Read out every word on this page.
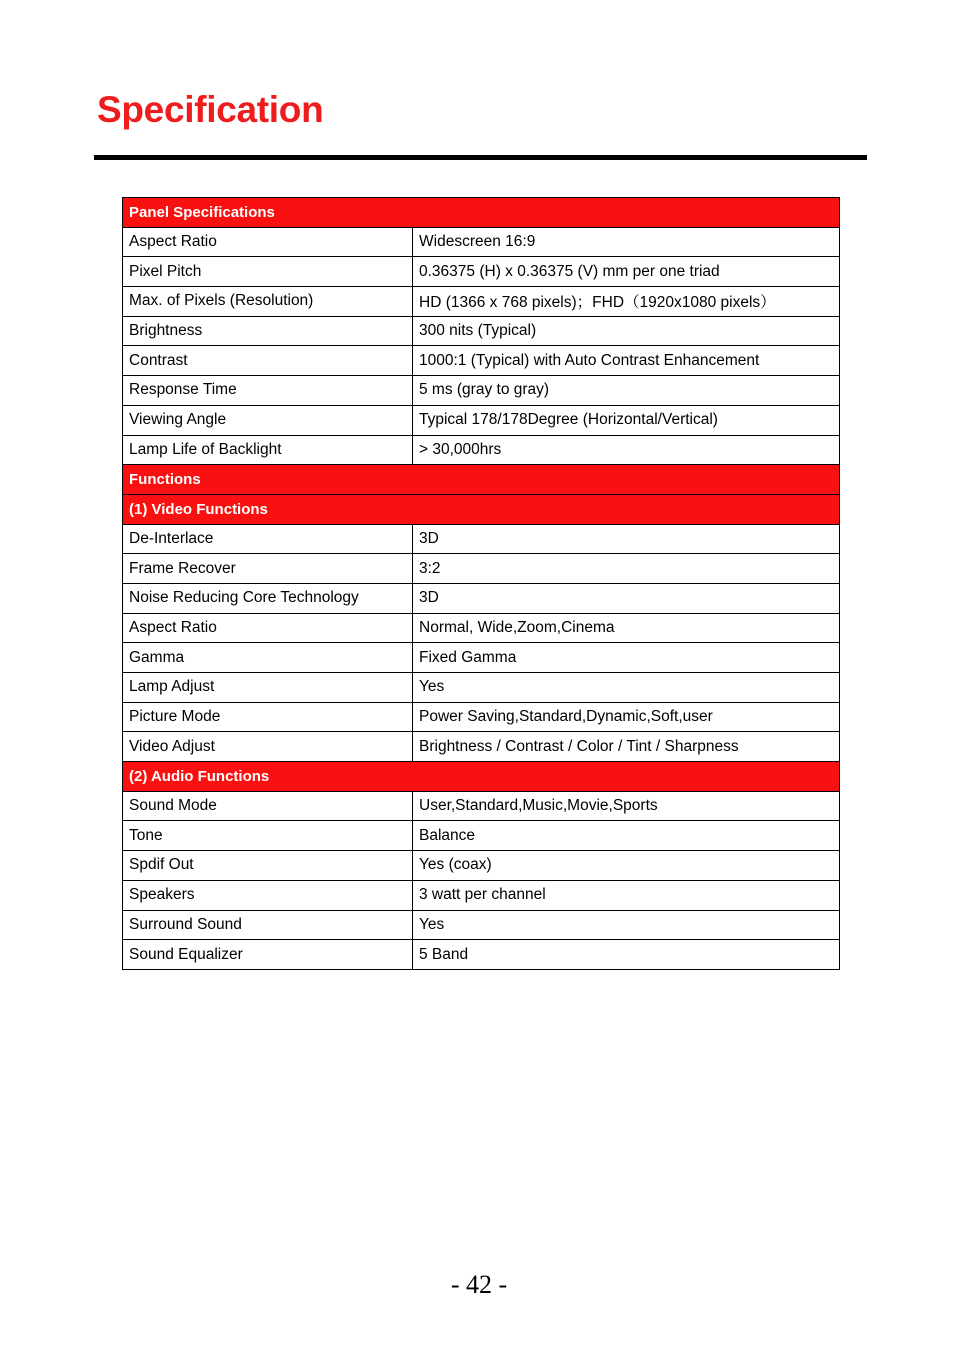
Specification
Panel Specifications	
Aspect Ratio	Widescreen 16:9
Pixel Pitch	0.36375 (H) x 0.36375 (V) mm per one triad
Max. of Pixels (Resolution)	HD (1366 x 768 pixels)；FHD（1920x1080 pixels）
Brightness	300 nits (Typical)
Contrast	1000:1 (Typical) with Auto Contrast Enhancement
Response Time	5 ms (gray to gray)
Viewing Angle	Typical 178/178Degree (Horizontal/Vertical)
Lamp Life of Backlight	> 30,000hrs
Functions	
(1) Video Functions	
De-Interlace	3D
Frame Recover	3:2
Noise Reducing Core Technology	3D
Aspect Ratio	Normal, Wide,Zoom,Cinema
Gamma	Fixed Gamma
Lamp Adjust	Yes
Picture Mode	Power Saving,Standard,Dynamic,Soft,user
Video Adjust	Brightness / Contrast / Color / Tint / Sharpness
(2) Audio Functions	
Sound Mode	User,Standard,Music,Movie,Sports
Tone	Balance
Spdif Out	Yes (coax)
Speakers	3 watt per channel
Surround Sound	Yes
Sound Equalizer	5 Band
- 42 -
